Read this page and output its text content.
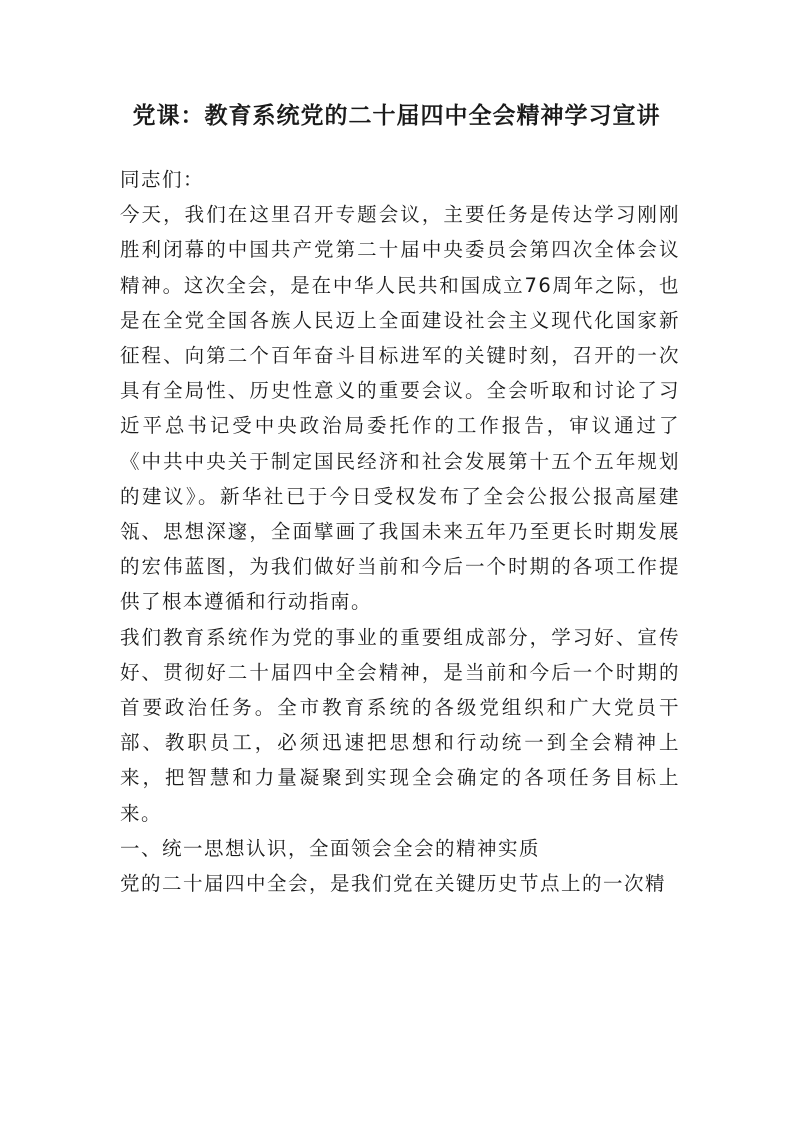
党课：教育系统党的二十届四中全会精神学习宣讲

同志们：

今天，我们在这里召开专题会议，主要任务是传达学习刚刚胜利闭幕的中国共产党第二十届中央委员会第四次全体会议精神。这次全会，是在中华人民共和国成立76周年之际，也是在全党全国各族人民迈上全面建设社会主义现代化国家新征程、向第二个百年奋斗目标进军的关键时刻，召开的一次具有全局性、历史性意义的重要会议。全会听取和讨论了习近平总书记受中央政治局委托作的工作报告，审议通过了《中共中央关于制定国民经济和社会发展第十五个五年规划的建议》。新华社已于今日受权发布了全会公报公报高屋建瓴、思想深邃，全面擘画了我国未来五年乃至更长时期发展的宏伟蓝图，为我们做好当前和今后一个时期的各项工作提供了根本遵循和行动指南。

我们教育系统作为党的事业的重要组成部分，学习好、宣传好、贯彻好二十届四中全会精神，是当前和今后一个时期的首要政治任务。全市教育系统的各级党组织和广大党员干部、教职员工，必须迅速把思想和行动统一到全会精神上来，把智慧和力量凝聚到实现全会确定的各项任务目标上来。

一、统一思想认识，全面领会全会的精神实质

党的二十届四中全会，是我们党在关键历史节点上的一次精
